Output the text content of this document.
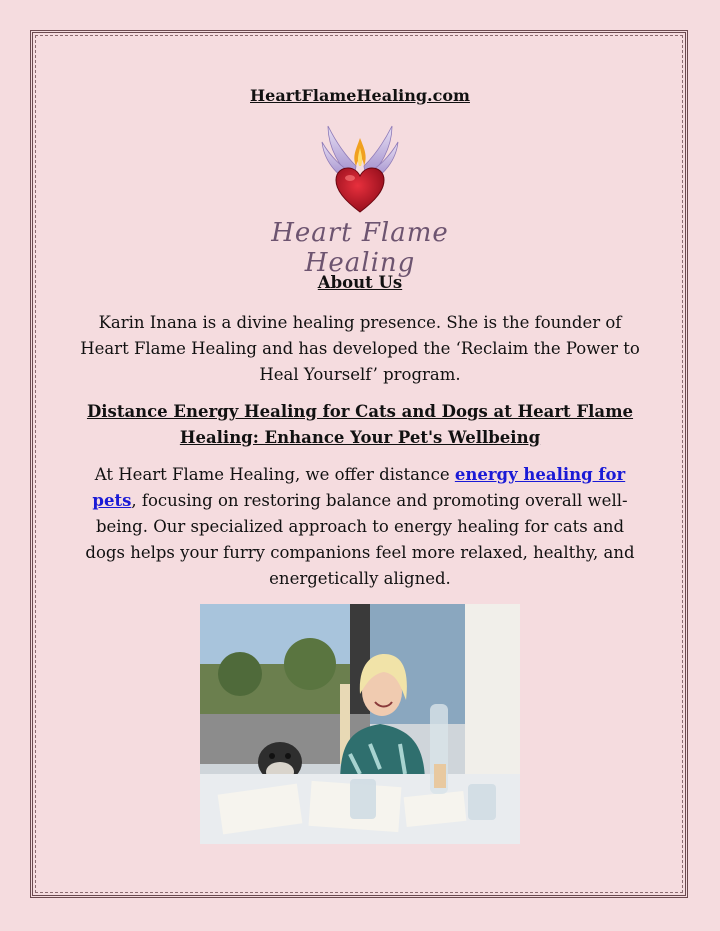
HeartFlameHealing.com
Heart Flame Healing
About Us
Karin Inana is a divine healing presence. She is the founder of Heart Flame Healing and has developed the ‘Reclaim the Power to Heal Yourself’ program.
Distance Energy Healing for Cats and Dogs at Heart Flame Healing: Enhance Your Pet's Wellbeing
At Heart Flame Healing, we offer distance energy healing for pets, focusing on restoring balance and promoting overall well-being. Our specialized approach to energy healing for cats and dogs helps your furry companions feel more relaxed, healthy, and energetically aligned.
